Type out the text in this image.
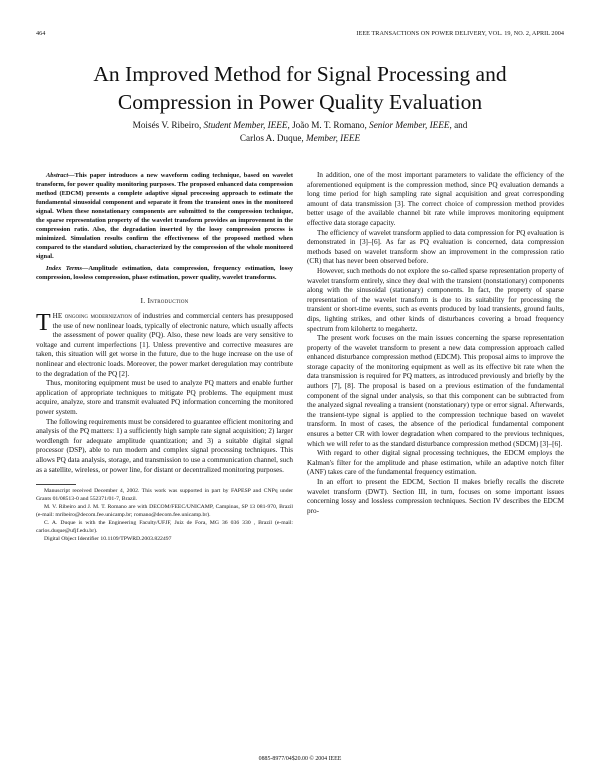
464	IEEE TRANSACTIONS ON POWER DELIVERY, VOL. 19, NO. 2, APRIL 2004
An Improved Method for Signal Processing and Compression in Power Quality Evaluation
Moisés V. Ribeiro, Student Member, IEEE, João M. T. Romano, Senior Member, IEEE, and
Carlos A. Duque, Member, IEEE

Abstract—This paper introduces a new waveform coding technique, based on wavelet transform, for power quality monitoring purposes. The proposed enhanced data compression method (EDCM) presents a complete adaptive signal processing approach to estimate the fundamental sinusoidal component and separate it from the transient ones in the monitored signal. When these nonstationary components are submitted to the compression technique, the sparse representation property of the wavelet transform provides an improvement in the compression ratio. Also, the degradation inserted by the lossy compression process is minimized. Simulation results confirm the effectiveness of the proposed method when compared to the standard solution, characterized by the compression of the whole monitored signal.

Index Terms—Amplitude estimation, data compression, frequency estimation, lossy compression, lossless compression, phase estimation, power quality, wavelet transforms.

I. Introduction

THE ongoing modernization of industries and commercial centers has presupposed the use of new nonlinear loads, typically of electronic nature, which usually affects the assessment of power quality (PQ). Also, these new loads are very sensitive to voltage and current imperfections [1]. Unless preventive and corrective measures are taken, this situation will get worse in the future, due to the huge increase on the use of nonlinear and electronic loads. Moreover, the power market deregulation may contribute to the degradation of the PQ [2].

Thus, monitoring equipment must be used to analyze PQ matters and enable further application of appropriate techniques to mitigate PQ problems. The equipment must acquire, analyze, store and transmit evaluated PQ information concerning the monitored power system.

The following requirements must be considered to guarantee efficient monitoring and analysis of the PQ matters: 1) a sufficiently high sample rate signal acquisition; 2) larger wordlength for adequate amplitude quantization; and 3) a suitable digital signal processor (DSP), able to run modern and complex signal processing techniques. This allows PQ data analysis, storage, and transmission to use a communication channel, such as a satellite, wireless, or power line, for distant or decentralized monitoring purposes.

Manuscript received December 4, 2002. This work was supported in part by FAPESP and CNPq under Grants 01/08513-0 and 552371/01-7, Brazil.

M. V. Ribeiro and J. M. T. Romano are with DECOM/FEEC/UNICAMP, Campinas, SP 13 081-970, Brazil (e-mail: mribeiro@decom.fee.unicamp.br; romano@decom.fee.unicamp.br).

C. A. Duque is with the Engineering Faculty/UFJF, Juiz de Fora, MG 36 036 330 , Brazil (e-mail: carlos.duque@ufjf.edu.br).

Digital Object Identifier 10.1109/TPWRD.2003.822497

In addition, one of the most important parameters to validate the efficiency of the aforementioned equipment is the compression method, since PQ evaluation demands a long time period for high sampling rate signal acquisition and great corresponding amount of data transmission [3]. The correct choice of compression method provides better usage of the available channel bit rate while improves monitoring equipment effective data storage capacity.

The efficiency of wavelet transform applied to data compression for PQ evaluation is demonstrated in [3]–[6]. As far as PQ evaluation is concerned, data compression methods based on wavelet transform show an improvement in the compression ratio (CR) that has never been observed before.

However, such methods do not explore the so-called sparse representation property of wavelet transform entirely, since they deal with the transient (nonstationary) components along with the sinusoidal (stationary) components. In fact, the property of sparse representation of the wavelet transform is due to its suitability for processing the transient or short-time events, such as events produced by load transients, ground faults, dips, lighting strikes, and other kinds of disturbances covering a broad frequency spectrum from kilohertz to megahertz.

The present work focuses on the main issues concerning the sparse representation property of the wavelet transform to present a new data compression approach called enhanced disturbance compression method (EDCM). This proposal aims to improve the storage capacity of the monitoring equipment as well as its effective bit rate when the data transmission is required for PQ matters, as introduced previously and briefly by the authors [7], [8]. The proposal is based on a previous estimation of the fundamental component of the signal under analysis, so that this component can be subtracted from the analyzed signal revealing a transient (nonstationary) type or error signal. Afterwards, the transient-type signal is applied to the compression technique based on wavelet transform. In most of cases, the absence of the periodical fundamental component ensures a better CR with lower degradation when compared to the previous techniques, which we will refer to as the standard disturbance compression method (SDCM) [3]–[6].

With regard to other digital signal processing techniques, the EDCM employs the Kalman's filter for the amplitude and phase estimation, while an adaptive notch filter (ANF) takes care of the fundamental frequency estimation.

In an effort to present the EDCM, Section II makes briefly recalls the discrete wavelet transform (DWT). Section III, in turn, focuses on some important issues concerning lossy and lossless compression techniques. Section IV describes the EDCM pro-

0885-8977/04$20.00 © 2004 IEEE
